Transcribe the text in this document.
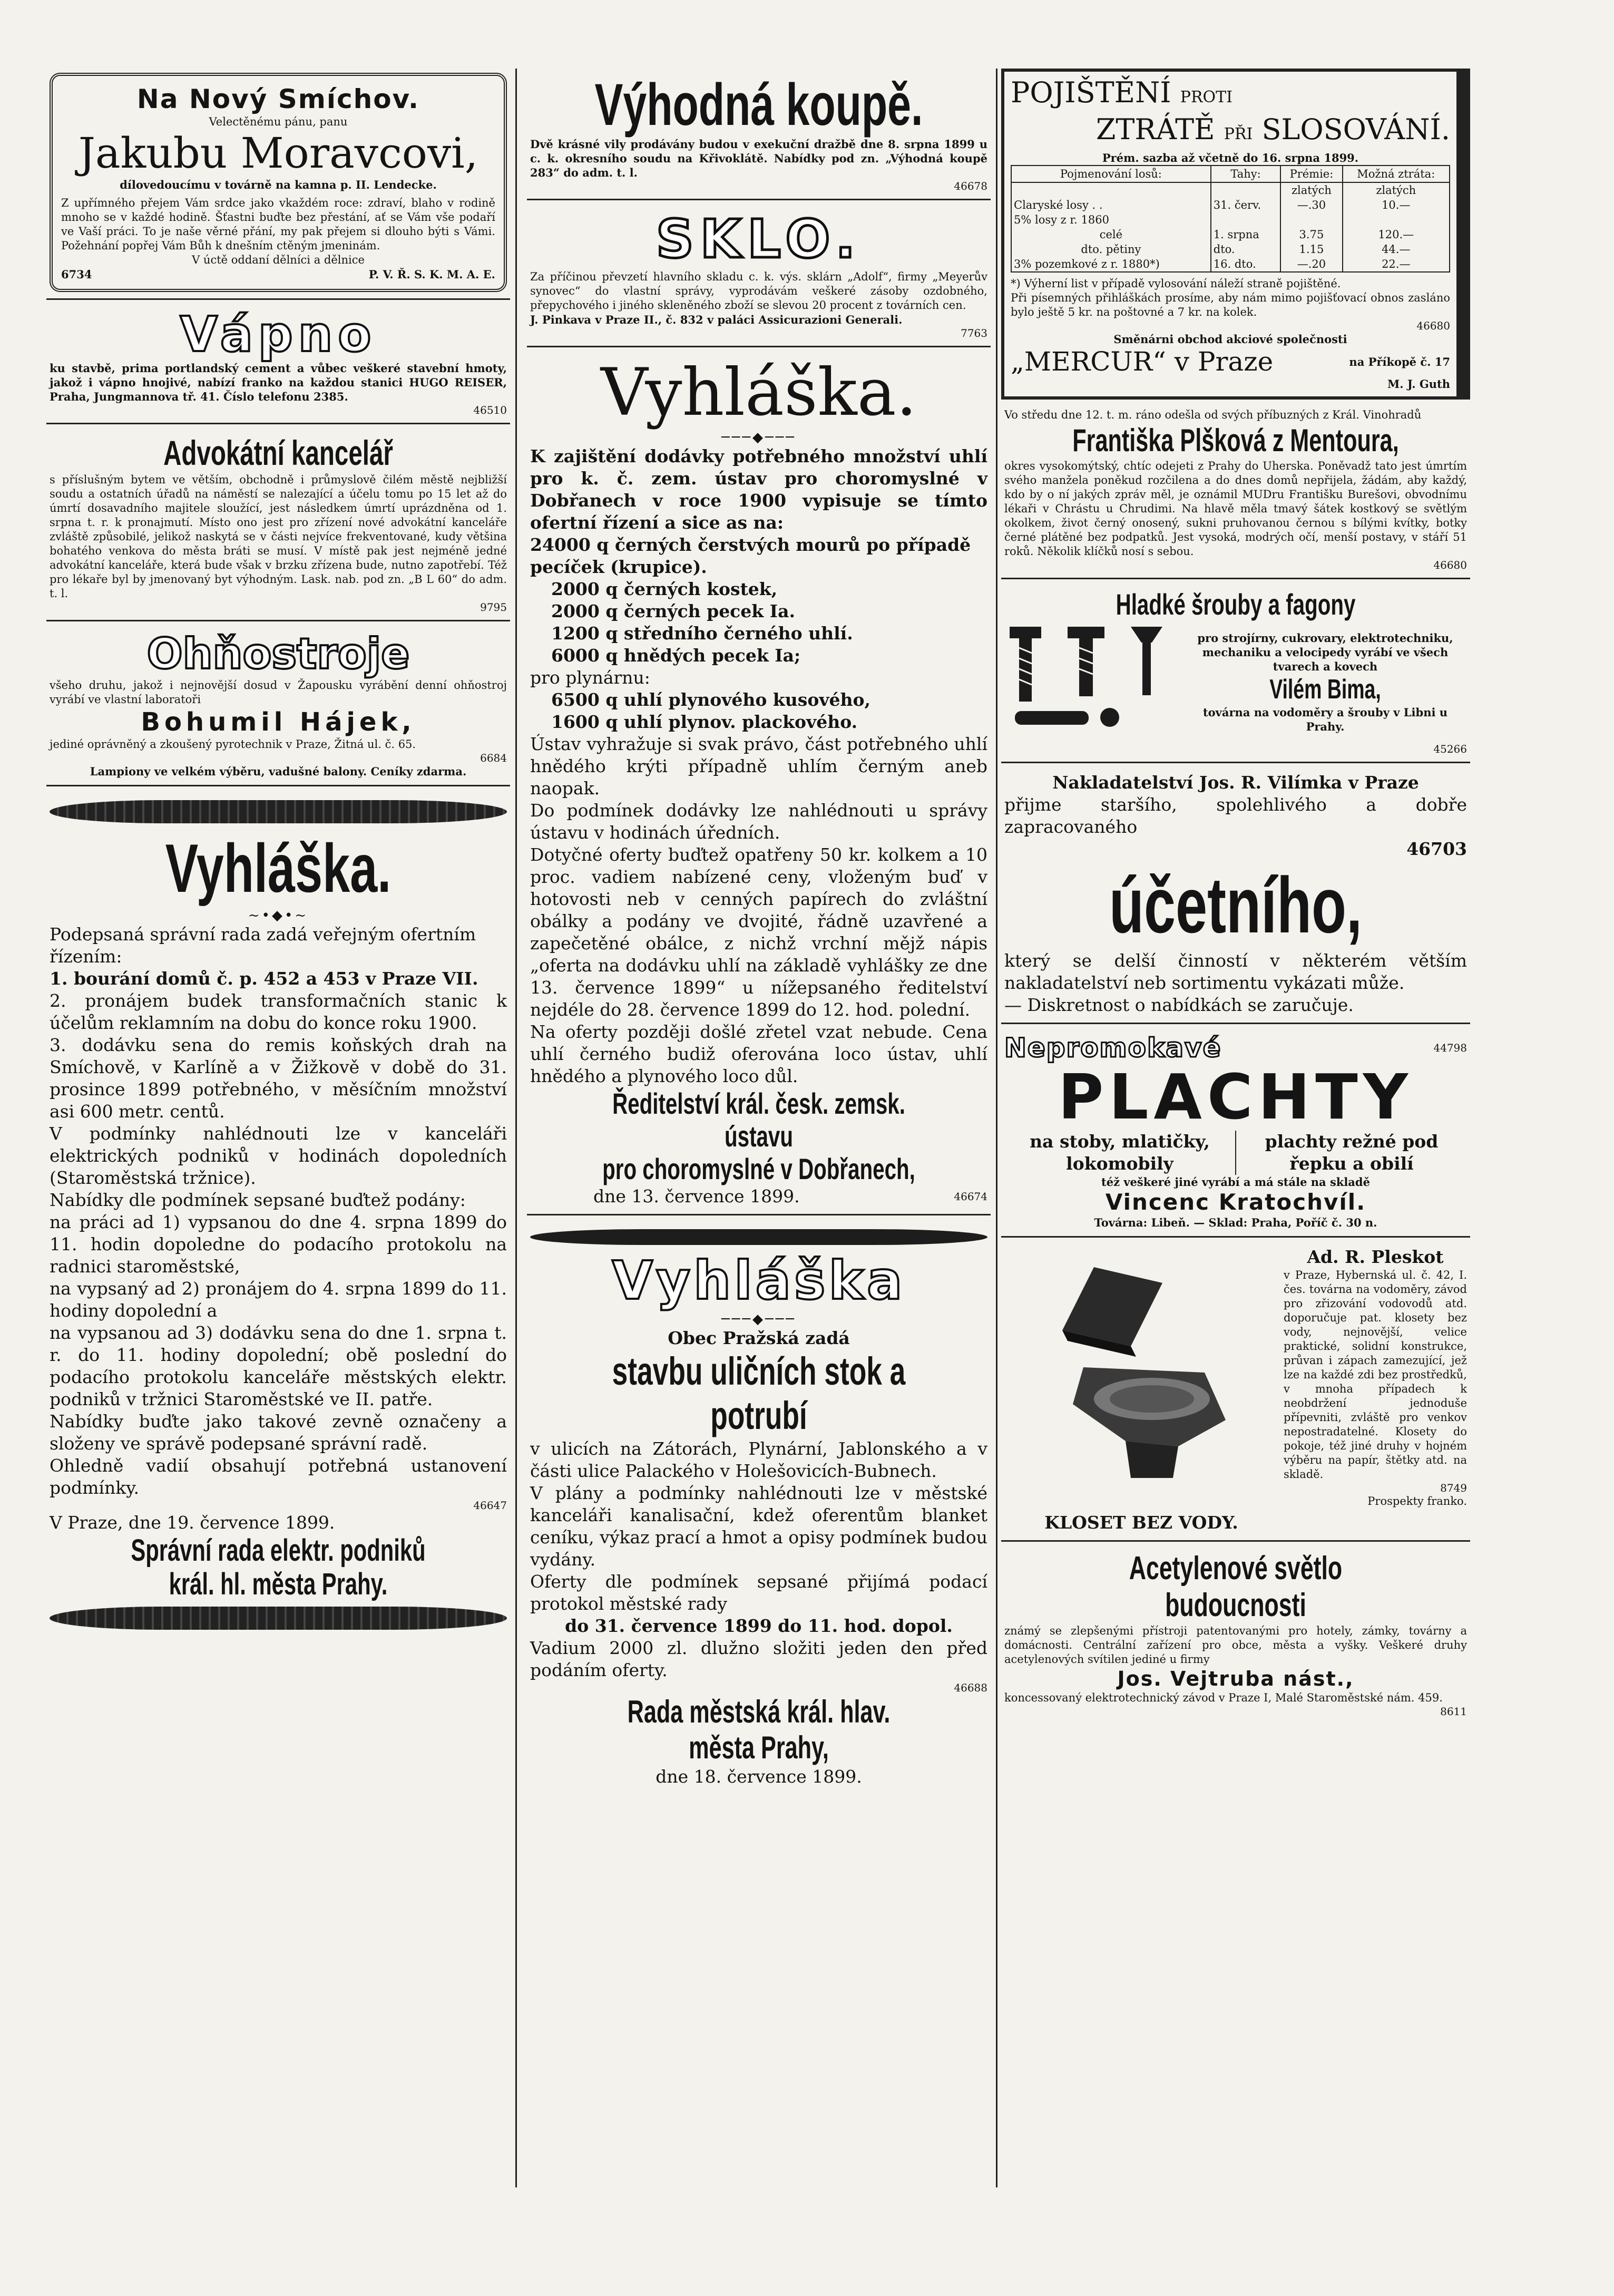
Na Nový Smíchov.
Velectěnému pánu, panu
Jakubu Moravcovi,
dílovedoucímu v továrně na kamna p. II. Lendecke.
Z upřímného přejem Vám srdce jako vkaždém roce: zdraví, blaho v rodině mnoho se v každé hodině. Šťastni buďte bez přestání, ať se Vám vše podaří ve Vaší práci. To je naše věrné přání, my pak přejem si dlouho býti s Vámi. Požehnání popřej Vám Bůh k dnešním ctěným jmeninám.
V úctě oddaní dělníci a dělnice
6734	P. V. Ř. S. K. M. A. E.
Vápno
ku stavbě, prima portlandský cement a vůbec veškeré stavební hmoty, jakož i vápno hnojivé, nabízí franko na každou stanici HUGO REISER, Praha, Jungmannova tř. 41. Číslo telefonu 2385.
46510
Advokátní kancelář
s příslušným bytem ve větším, obchodně i průmyslově čilém městě nejbližší soudu a ostatních úřadů na náměstí se nalezající a účelu tomu po 15 let až do úmrtí dosavadního majitele sloužící, jest následkem úmrtí uprázdněna od 1. srpna t. r. k pronajmutí. Místo ono jest pro zřízení nové advokátní kanceláře zvláště způsobilé, jelikož naskytá se v části nejvíce frekventované, kudy většina bohatého venkova do města bráti se musí. V místě pak jest nejméně jedné advokátní kanceláře, která bude však v brzku zřízena bude, nutno zapotřebí. Též pro lékaře byl by jmenovaný byt výhodným. Lask. nab. pod zn. „B L 60“ do adm. t. l.
9795
Ohňostroje
všeho druhu, jakož i nejnovější dosud v Žapousku vyrábění denní ohňostroj vyrábí ve vlastní laboratoři
Bohumil Hájek,
jediné oprávněný a zkoušený pyrotechnik v Praze, Žitná ul. č. 65.
6684
Lampiony ve velkém výběru, vadušné balony. Ceníky zdarma.
Vyhláška.
~•◆•~
Podepsaná správní rada zadá veřejným ofertním řízením:
1. bourání domů č. p. 452 a 453 v Praze VII.
2. pronájem budek transformačních stanic k účelům reklamním na dobu do konce roku 1900.
3. dodávku sena do remis koňských drah na Smíchově, v Karlíně a v Žižkově v době do 31. prosince 1899 potřebného, v měsíčním množství asi 600 metr. centů.
V podmínky nahlédnouti lze v kanceláři elektrických podniků v hodinách dopoledních (Staroměstská tržnice).
Nabídky dle podmínek sepsané buďtež podány:
na práci ad 1) vypsanou do dne 4. srpna 1899 do 11. hodin dopoledne do podacího protokolu na radnici staroměstské,
na vypsaný ad 2) pronájem do 4. srpna 1899 do 11. hodiny dopolední a
na vypsanou ad 3) dodávku sena do dne 1. srpna t. r. do 11. hodiny dopolední; obě poslední do podacího protokolu kanceláře městských elektr. podniků v tržnici Staroměstské ve II. patře.
Nabídky buďte jako takové zevně označeny a složeny ve správě podepsané správní radě.
Ohledně vadií obsahují potřebná ustanovení podmínky.
46647
V Praze, dne 19. července 1899.
Správní rada elektr. podniků
král. hl. města Prahy.
Výhodná koupě.
Dvě krásné vily prodávány budou v exekuční dražbě dne 8. srpna 1899 u c. k. okresního soudu na Křivoklátě. Nabídky pod zn. „Výhodná koupě 283“ do adm. t. l.
46678
SKLO.
Za příčinou převzetí hlavního skladu c. k. výs. sklárn „Adolf“, firmy „Meyerův synovec“ do vlastní správy, vyprodávám veškeré zásoby ozdobného, přepychového i jiného skleněného zboží se slevou 20 procent z továrních cen.
J. Pinkava v Praze II., č. 832 v paláci Assicurazioni Generali.
7763
Vyhláška.
───◆───
K zajištění dodávky potřebného množství uhlí pro k. č. zem. ústav pro choromyslné v Dobřanech v roce 1900 vypisuje se tímto ofertní řízení a sice as na:
24000 q černých čerstvých mourů po případě pecíček (krupice).
2000 q černých kostek,
2000 q černých pecek Ia.
1200 q středního černého uhlí.
6000 q hnědých pecek Ia;
pro plynárnu:
6500 q uhlí plynového kusového,
1600 q uhlí plynov. plackového.
Ústav vyhražuje si svak právo, část potřebného uhlí hnědého krýti případně uhlím černým aneb naopak.
Do podmínek dodávky lze nahlédnouti u správy ústavu v hodinách úředních.
Dotyčné oferty buďtež opatřeny 50 kr. kolkem a 10 proc. vadiem nabízené ceny, vloženým buď v hotovosti neb v cenných papírech do zvláštní obálky a podány ve dvojité, řádně uzavřené a zapečetěné obálce, z nichž vrchní mějž nápis „oferta na dodávku uhlí na základě vyhlášky ze dne 13. července 1899“ u nížepsaného ředitelství nejdéle do 28. července 1899 do 12. hod. polední.
Na oferty později došlé zřetel vzat nebude. Cena uhlí černého budiž oferována loco ústav, uhlí hnědého a plynového loco důl.
Ředitelství král. česk. zemsk. ústavu
pro choromyslné v Dobřanech,
dne 13. července 1899.	46674
Vyhláška
───◆───
Obec Pražská zadá
stavbu uličních stok a potrubí
v ulicích na Zátorách, Plynární, Jablonského a v části ulice Palackého v Holešovicích-Bubnech.
V plány a podmínky nahlédnouti lze v městské kanceláři kanalisační, kdež oferentům blanket ceníku, výkaz prací a hmot a opisy podmínek budou vydány.
Oferty dle podmínek sepsané přijímá podací protokol městské rady
do 31. července 1899 do 11. hod. dopol.
Vadium 2000 zl. dlužno složiti jeden den před podáním oferty.
46688
Rada městská král. hlav. města Prahy,
dne 18. července 1899.
POJIŠTĚNÍ PROTI
ZTRÁTĚ PŘI SLOSOVÁNÍ.
Prém. sazba až včetně do 16. srpna 1899.
Pojmenování losů:	Tahy:	Prémie:	Možná ztráta:
		zlatých	zlatých
Claryské losy . .	31. červ.	—.30	10.—
5% losy z r. 1860			
celé	1. srpna	3.75	120.—
dto. pětiny	dto.	1.15	44.—
3% pozemkové z r. 1880*)	16. dto.	—.20	22.—
*) Výherní list v případě vylosování náleží straně pojištěné.
Při písemných přihláškách prosíme, aby nám mimo pojišťovací obnos zasláno bylo ještě 5 kr. na poštovné a 7 kr. na kolek.
46680
Směnárni obchod akciové společnosti
„MERCUR“ v Praze	na Příkopě č. 17
M. J. Guth
Vo středu dne 12. t. m. ráno odešla od svých příbuzných z Král. Vinohradů
Františka Plšková z Mentoura,
okres vysokomýtský, chtíc odejeti z Prahy do Uherska. Poněvadž tato jest úmrtím svého manžela poněkud rozčilena a do dnes domů nepřijela, žádám, aby každý, kdo by o ní jakých zpráv měl, je oznámil MUDru Františku Burešovi, obvodnímu lékaři v Chrástu u Chrudimi. Na hlavě měla tmavý šátek kostkový se světlým okolkem, život černý onosený, sukni pruhovanou černou s bílými kvítky, botky černé plátěné bez podpatků. Jest vysoká, modrých očí, menší postavy, v stáří 51 roků. Několik klíčků nosí s sebou.
46680
Hladké šrouby a fagony
pro strojírny, cukrovary, elektrotechniku, mechaniku a velocipedy vyrábí ve všech tvarech a kovech
Vilém Bima,
továrna na vodoměry a šrouby v Libni u Prahy.
45266
Nakladatelství Jos. R. Vilímka v Praze
přijme staršího, spolehlivého a dobře zapracovaného
46703
účetního,
který se delší činností v některém větším nakladatelství neb sortimentu vykázati může.
— Diskretnost o nabídkách se zaručuje.
Nepromokavé	44798
PLACHTY
na stoby, mlatičky, lokomobily
plachty režné pod řepku a obilí
též veškeré jiné vyrábí a má stále na skladě
Vincenc Kratochvíl.
Továrna: Libeň. — Sklad: Praha, Poříč č. 30 n.
KLOSET BEZ VODY.
Ad. R. Pleskot
v Praze, Hybernská ul. č. 42, I. čes. továrna na vodoměry, závod pro zřizování vodovodů atd. doporučuje pat. klosety bez vody, nejnovější, velice praktické, solidní konstrukce, průvan i zápach zamezující, jež lze na každé zdi bez prostředků, v mnoha případech k neobdržení jednoduše přípevniti, zvláště pro venkov nepostradatelné. Klosety do pokoje, též jiné druhy v hojném výběru na papír, štětky atd. na skladě.
8749
Prospekty franko.
Acetylenové světlo budoucnosti
známý se zlepšenými přístroji patentovanými pro hotely, zámky, továrny a domácnosti. Centrální zařízení pro obce, města a vyšky. Veškeré druhy acetylenových svítilen jediné u firmy
Jos. Vejtruba nást.,
koncessovaný elektrotechnický závod v Praze I, Malé Staroměstské nám. 459.
8611
